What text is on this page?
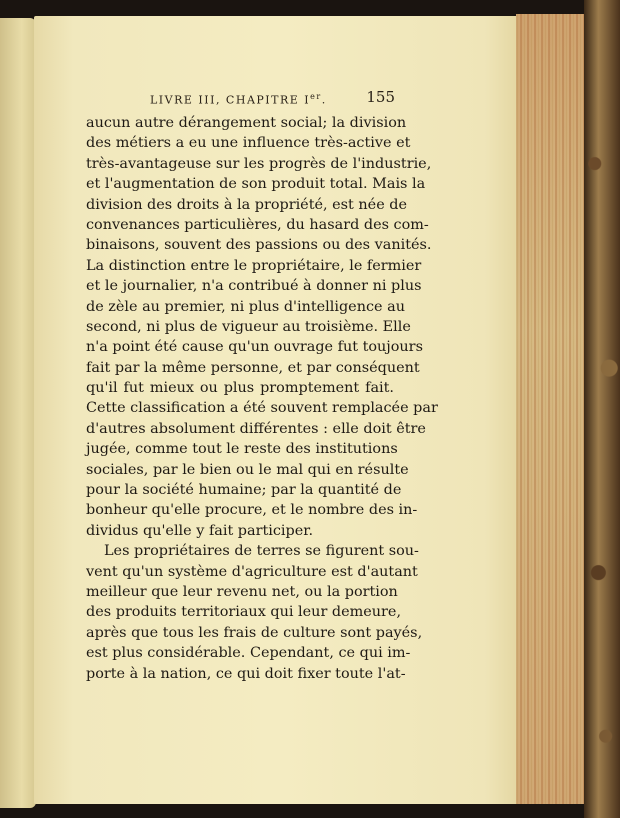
LIVRE III, CHAPITRE Ier.	155
aucun autre dérangement social; la division
des métiers a eu une influence très-active et
très-avantageuse sur les progrès de l'industrie,
et l'augmentation de son produit total. Mais la
division des droits à la propriété, est née de
convenances particulières, du hasard des com-
binaisons, souvent des passions ou des vanités.
La distinction entre le propriétaire, le fermier
et le journalier, n'a contribué à donner ni plus
de zèle au premier, ni plus d'intelligence au
second, ni plus de vigueur au troisième. Elle
n'a point été cause qu'un ouvrage fut toujours
fait par la même personne, et par conséquent
qu'il fut mieux ou plus promptement fait.
Cette classification a été souvent remplacée par
d'autres absolument différentes : elle doit être
jugée, comme tout le reste des institutions
sociales, par le bien ou le mal qui en résulte
pour la société humaine; par la quantité de
bonheur qu'elle procure, et le nombre des in-
dividus qu'elle y fait participer.
Les propriétaires de terres se figurent sou-
vent qu'un système d'agriculture est d'autant
meilleur que leur revenu net, ou la portion
des produits territoriaux qui leur demeure,
après que tous les frais de culture sont payés,
est plus considérable. Cependant, ce qui im-
porte à la nation, ce qui doit fixer toute l'at-
